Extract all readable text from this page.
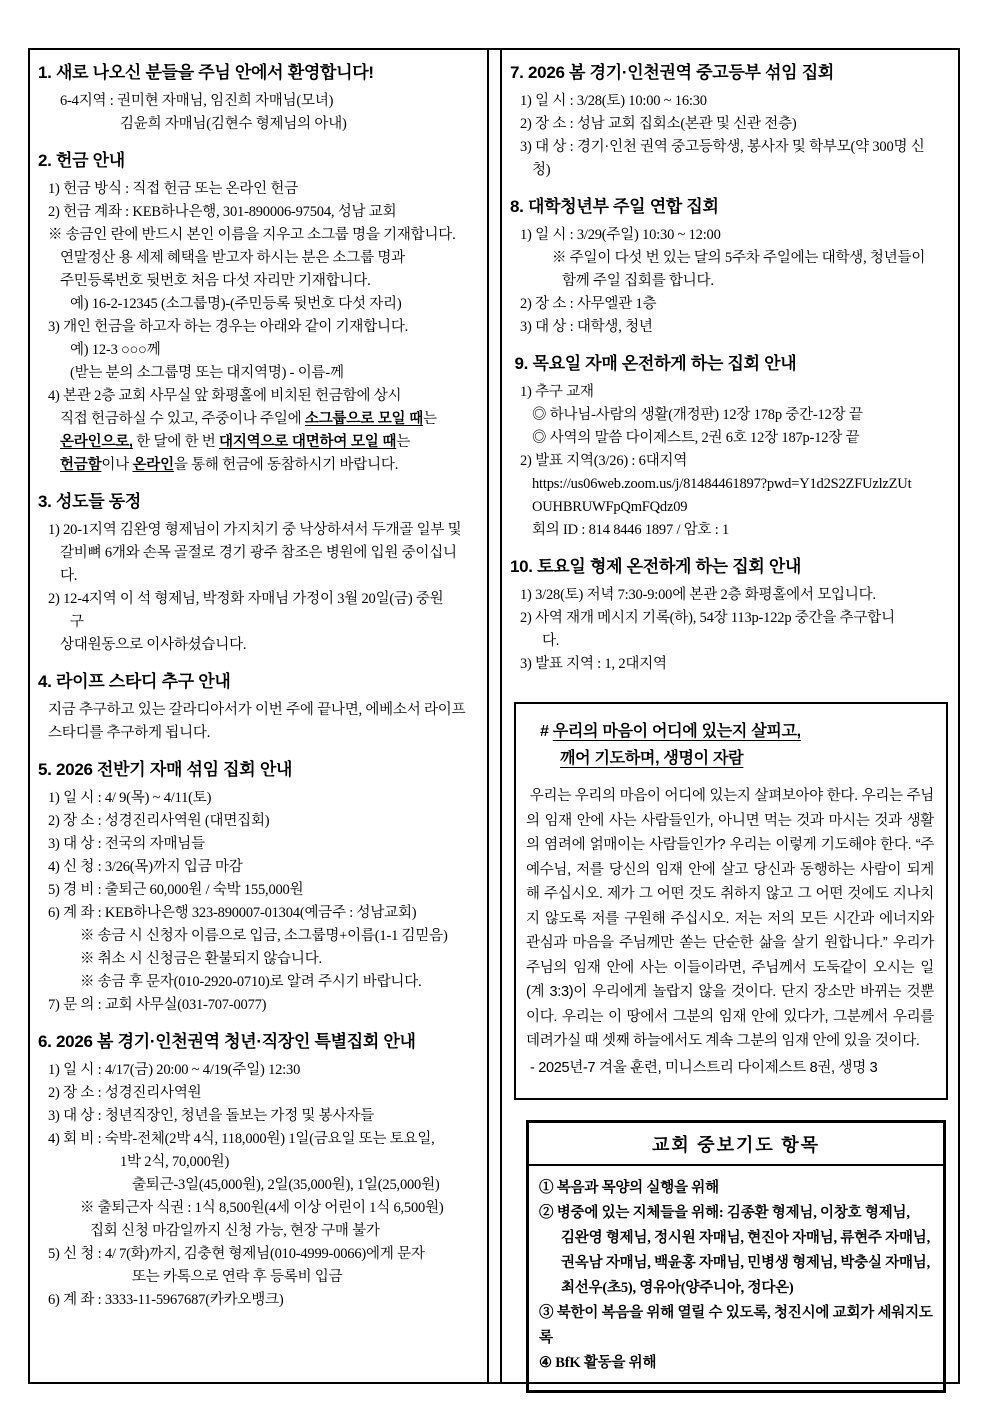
1. 새로 나오신 분들을 주님 안에서 환영합니다!
6-4지역 : 권미현 자매님, 임진희 자매님(모녀)
김윤희 자매님(김현수 형제님의 아내)
2. 헌금 안내
1) 헌금 방식 : 직접 헌금 또는 온라인 헌금
2) 헌금 계좌 : KEB하나은행, 301-890006-97504, 성남 교회
※ 송금인 란에 반드시 본인 이름을 지우고 소그룹 명을 기재합니다.
연말정산 용 세제 혜택을 받고자 하시는 분은 소그룹 명과
주민등록번호 뒷번호 처음 다섯 자리만 기재합니다.
예) 16-2-12345 (소그룹명)-(주민등록 뒷번호 다섯 자리)
3) 개인 헌금을 하고자 하는 경우는 아래와 같이 기재합니다.
예) 12-3 ○○○께
(받는 분의 소그룹명 또는 대지역명) - 이름-께
4) 본관 2층 교회 사무실 앞 화평홀에 비치된 헌금함에 상시
직접 헌금하실 수 있고, 주중이나 주일에 소그룹으로 모일 때는
온라인으로, 한 달에 한 번 대지역으로 대면하여 모일 때는
헌금함이나 온라인을 통해 헌금에 동참하시기 바랍니다.
3. 성도들 동정
1) 20-1지역 김완영 형제님이 가지치기 중 낙상하셔서 두개골 일부 및
갈비뼈 6개와 손목 골절로 경기 광주 참조은 병원에 입원 중이십니
다.
2) 12-4지역 이 석 형제님, 박정화 자매님 가정이 3월 20일(금) 중원
구
상대원동으로 이사하셨습니다.
4. 라이프 스타디 추구 안내
지금 추구하고 있는 갈라디아서가 이번 주에 끝나면, 에베소서 라이프
스타디를 추구하게 됩니다.
5. 2026 전반기 자매 섞임 집회 안내
1) 일 시 : 4/ 9(목) ~ 4/11(토)
2) 장 소 : 성경진리사역원 (대면집회)
3) 대 상 : 전국의 자매님들
4) 신 청 : 3/26(목)까지 입금 마감
5) 경 비 : 출퇴근 60,000원 / 숙박 155,000원
6) 계 좌 : KEB하나은행 323-890007-01304(예금주 : 성남교회)
※ 송금 시 신청자 이름으로 입금, 소그룹명+이름(1-1 김믿음)
※ 취소 시 신청금은 환불되지 않습니다.
※ 송금 후 문자(010-2920-0710)로 알려 주시기 바랍니다.
7) 문 의 : 교회 사무실(031-707-0077)
6. 2026 봄 경기·인천권역 청년·직장인 특별집회 안내
1) 일 시 : 4/17(금) 20:00 ~ 4/19(주일) 12:30
2) 장 소 : 성경진리사역원
3) 대 상 : 청년직장인, 청년을 돌보는 가정 및 봉사자들
4) 회 비 : 숙박-전체(2박 4식, 118,000원) 1일(금요일 또는 토요일,
1박 2식, 70,000원)
출퇴근-3일(45,000원), 2일(35,000원), 1일(25,000원)
※ 출퇴근자 식권 : 1식 8,500원(4세 이상 어린이 1식 6,500원)
집회 신청 마감일까지 신청 가능, 현장 구매 불가
5) 신 청 : 4/ 7(화)까지, 김충현 형제님(010-4999-0066)에게 문자
또는 카톡으로 연락 후 등록비 입금
6) 계 좌 : 3333-11-5967687(카카오뱅크)
7. 2026 봄 경기·인천권역 중고등부 섞임 집회
1) 일 시 : 3/28(토) 10:00 ~ 16:30
2) 장 소 : 성남 교회 집회소(본관 및 신관 전층)
3) 대 상 : 경기·인천 권역 중고등학생, 봉사자 및 학부모(약 300명 신
청)
8. 대학청년부 주일 연합 집회
1) 일 시 : 3/29(주일) 10:30 ~ 12:00
※ 주일이 다섯 번 있는 달의 5주차 주일에는 대학생, 청년들이
함께 주일 집회를 합니다.
2) 장 소 : 사무엘관 1층
3) 대 상 : 대학생, 청년
9. 목요일 자매 온전하게 하는 집회 안내
1) 추구 교재
◎ 하나님-사람의 생활(개정판) 12장 178p 중간-12장 끝
◎ 사역의 말씀 다이제스트, 2권 6호 12장 187p-12장 끝
2) 발표 지역(3/26) : 6대지역
https://us06web.zoom.us/j/81484461897?pwd=Y1d2S2ZFUzlzZUt
OUHBRUWFpQmFQdz09
회의 ID : 814 8446 1897 / 암호 : 1
10. 토요일 형제 온전하게 하는 집회 안내
1) 3/28(토) 저녁 7:30-9:00에 본관 2층 화평홀에서 모입니다.
2) 사역 재개 메시지 기록(하), 54장 113p-122p 중간을 추구합니
다.
3) 발표 지역 : 1, 2대지역
# 우리의 마음이 어디에 있는지 살피고,
깨어 기도하며, 생명이 자람
우리는 우리의 마음이 어디에 있는지 살펴보아야 한다. 우리는 주님의 임재 안에 사는 사람들인가, 아니면 먹는 것과 마시는 것과 생활의 염려에 얽매이는 사람들인가? 우리는 이렇게 기도해야 한다. “주 예수님, 저를 당신의 임재 안에 살고 당신과 동행하는 사람이 되게 해 주십시오. 제가 그 어떤 것도 취하지 않고 그 어떤 것에도 지나치지 않도록 저를 구원해 주십시오. 저는 저의 모든 시간과 에너지와 관심과 마음을 주님께만 쏟는 단순한 삶을 살기 원합니다.” 우리가 주님의 임재 안에 사는 이들이라면, 주님께서 도둑같이 오시는 일(계 3:3)이 우리에게 놀랍지 않을 것이다. 단지 장소만 바뀌는 것뿐이다. 우리는 이 땅에서 그분의 임재 안에 있다가, 그분께서 우리를 데려가실 때 셋째 하늘에서도 계속 그분의 임재 안에 있을 것이다.
- 2025년-7 겨울 훈련, 미니스트리 다이제스트 8권, 생명 3
교회 중보기도 항목
① 복음과 목양의 실행을 위해
② 병중에 있는 지체들을 위해: 김종환 형제님, 이창호 형제님,
김완영 형제님, 정시원 자매님, 현진아 자매님, 류현주 자매님,
권옥남 자매님, 백윤홍 자매님, 민병생 형제님, 박충실 자매님,
최선우(초5), 영유아(양주니아, 정다온)
③ 북한이 복음을 위해 열릴 수 있도록, 청진시에 교회가 세워지도록
④ BfK 활동을 위해
